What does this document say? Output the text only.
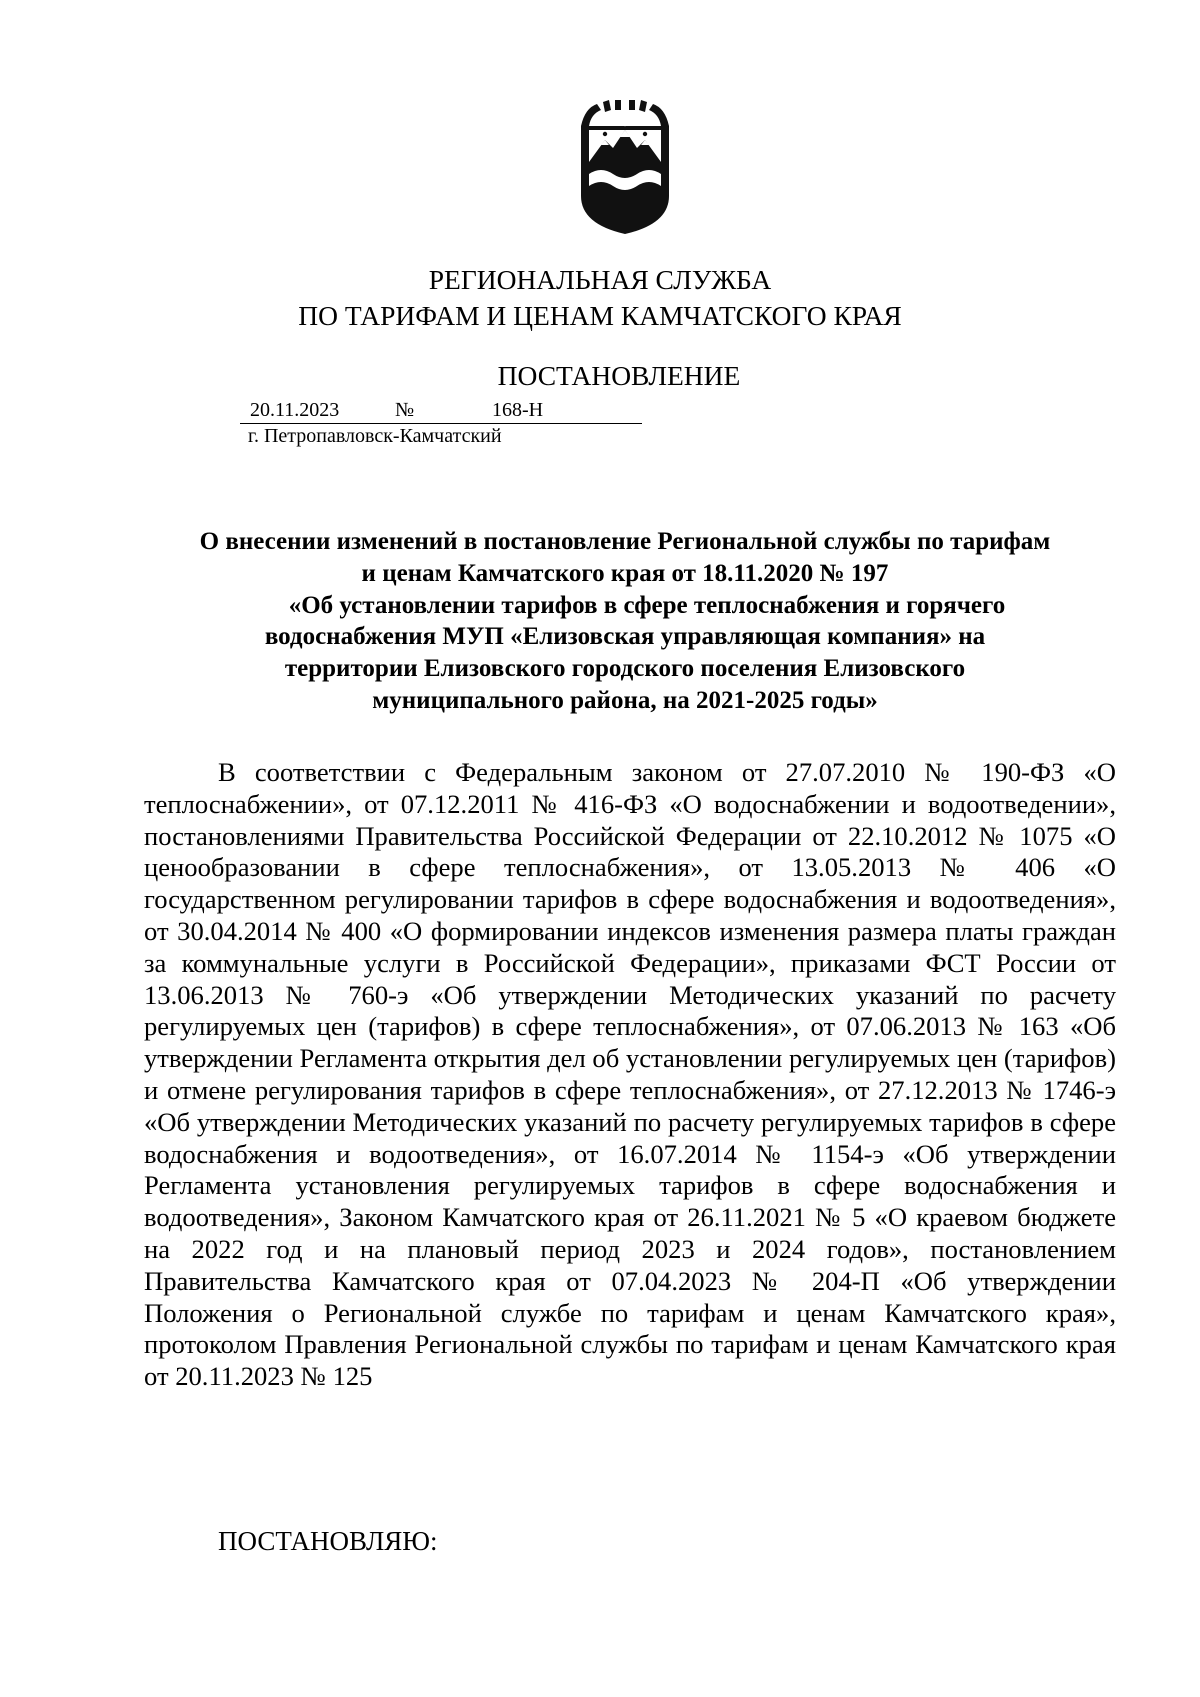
РЕГИОНАЛЬНАЯ СЛУЖБА
ПО ТАРИФАМ И ЦЕНАМ КАМЧАТСКОГО КРАЯ
ПОСТАНОВЛЕНИЕ
20.11.2023	№	168-Н
г. Петропавловск-Камчатский
О внесении изменений в постановление Региональной службы по тарифам
и ценам Камчатского края от 18.11.2020 № 197
«Об установлении тарифов в сфере теплоснабжения и горячего
водоснабжения МУП «Елизовская управляющая компания» на
территории Елизовского городского поселения Елизовского
муниципального района, на 2021-2025 годы»

В соответствии с Федеральным законом от 27.07.2010 № 190-ФЗ «О теплоснабжении», от 07.12.2011 № 416-ФЗ «О водоснабжении и водоотведении», постановлениями Правительства Российской Федерации от 22.10.2012 № 1075 «О ценообразовании в сфере теплоснабжения», от 13.05.2013 № 406 «О государственном регулировании тарифов в сфере водоснабжения и водоотведения», от 30.04.2014 № 400 «О формировании индексов изменения размера платы граждан за коммунальные услуги в Российской Федерации», приказами ФСТ России от 13.06.2013 № 760-э «Об утверждении Методических указаний по расчету регулируемых цен (тарифов) в сфере теплоснабжения», от 07.06.2013 № 163 «Об утверждении Регламента открытия дел об установлении регулируемых цен (тарифов) и отмене регулирования тарифов в сфере теплоснабжения», от 27.12.2013 № 1746-э «Об утверждении Методических указаний по расчету регулируемых тарифов в сфере водоснабжения и водоотведения», от 16.07.2014 № 1154-э «Об утверждении Регламента установления регулируемых тарифов в сфере водоснабжения и водоотведения», Законом Камчатского края от 26.11.2021 № 5 «О краевом бюджете на 2022 год и на плановый период 2023 и 2024 годов», постановлением Правительства Камчатского края от 07.04.2023 № 204-П «Об утверждении Положения о Региональной службе по тарифам и ценам Камчатского края», протоколом Правления Региональной службы по тарифам и ценам Камчатского края от 20.11.2023 № 125

ПОСТАНОВЛЯЮ:
